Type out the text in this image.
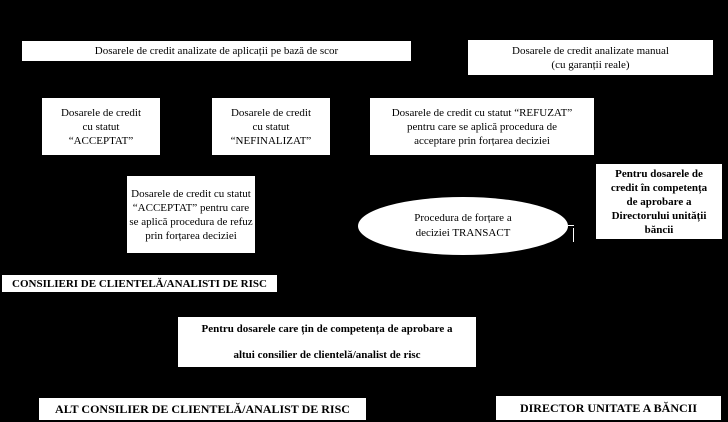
Dosarele de credit analizate de aplicații pe bază de scor	Dosarele de credit analizate manual
(cu garanții reale)
Dosarele de credit
cu statut
“ACCEPTAT”
Dosarele de credit
cu statut
“NEFINALIZAT”
Dosarele de credit cu statut “REFUZAT”
pentru care se aplică procedura de
acceptare prin forțarea deciziei
Dosarele de credit cu statut
“ACCEPTAT” pentru care
se aplică procedura de refuz
prin forțarea deciziei
Procedura de forțare a
deciziei TRANSACT
Pentru dosarele de
credit în competența
de aprobare a
Directorului unității
băncii
CONSILIERI DE CLIENTELĂ/ANALISTI DE RISC
Pentru dosarele care țin de competența de aprobare a

altui consilier de clientelă/analist de risc
ALT CONSILIER DE CLIENTELĂ/ANALIST DE RISC	DIRECTOR UNITATE A BĂNCII
